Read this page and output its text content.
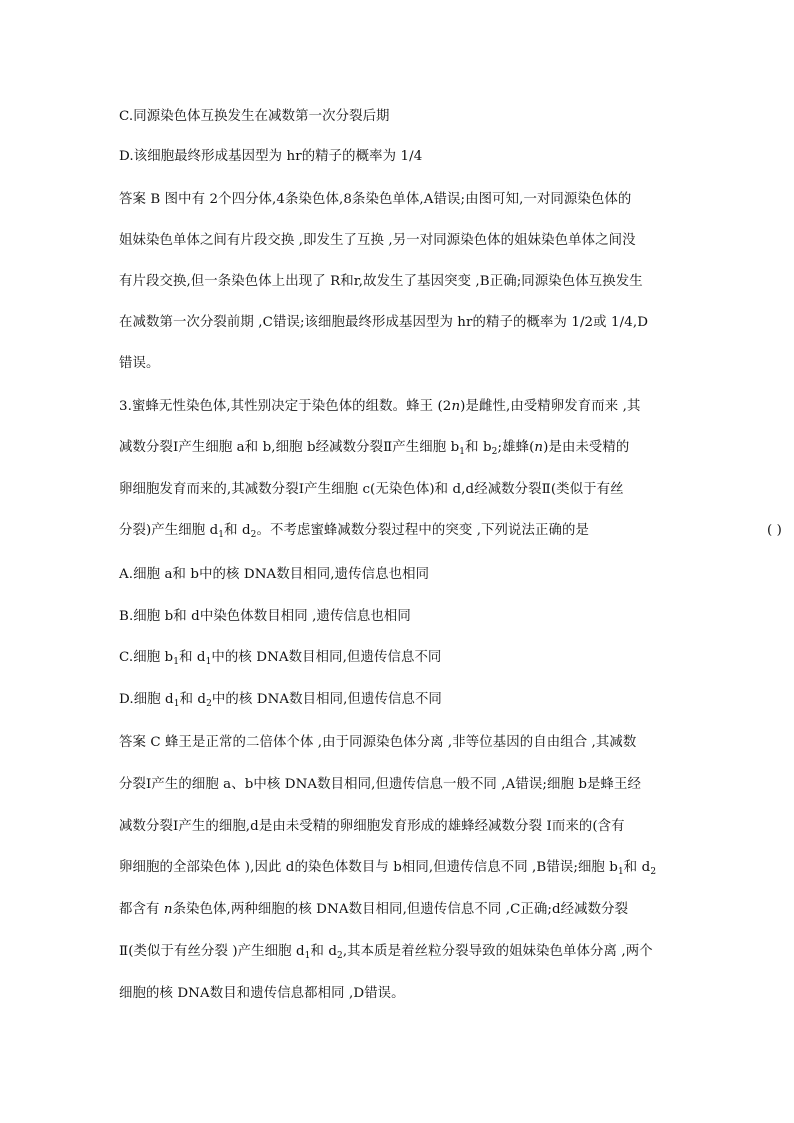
C.同源染色体互换发生在减数第一次分裂后期
D.该细胞最终形成基因型为 hr的精子的概率为 1/4
答案 B 图中有 2个四分体,4条染色体,8条染色单体,A错误;由图可知,一对同源染色体的
姐妹染色单体之间有片段交换 ,即发生了互换 ,另一对同源染色体的姐妹染色单体之间没
有片段交换,但一条染色体上出现了 R和r,故发生了基因突变 ,B正确;同源染色体互换发生
在减数第一次分裂前期 ,C错误;该细胞最终形成基因型为 hr的精子的概率为 1/2或 1/4,D
错误。
3.蜜蜂无性染色体,其性别决定于染色体的组数。蜂王 (2n)是雌性,由受精卵发育而来 ,其
减数分裂Ⅰ产生细胞 a和 b,细胞 b经减数分裂Ⅱ产生细胞 $b_1$和 $b_2$;雄蜂(n)是由未受精的
卵细胞发育而来的,其减数分裂Ⅰ产生细胞 c(无染色体)和 d,d经减数分裂Ⅱ(类似于有丝
分裂)产生细胞 $d_1$和 $d_2$。不考虑蜜蜂减数分裂过程中的突变 ,下列说法正确的是	( )
A.细胞 a和 b中的核 DNA数目相同,遗传信息也相同
B.细胞 b和 d中染色体数目相同 ,遗传信息也相同
C.细胞 $b_1$和 $d_1$中的核 DNA数目相同,但遗传信息不同
D.细胞 $d_1$和 $d_2$中的核 DNA数目相同,但遗传信息不同
答案 C 蜂王是正常的二倍体个体 ,由于同源染色体分离 ,非等位基因的自由组合 ,其减数
分裂Ⅰ产生的细胞 a、b中核 DNA数目相同,但遗传信息一般不同 ,A错误;细胞 b是蜂王经
减数分裂Ⅰ产生的细胞,d是由未受精的卵细胞发育形成的雄蜂经减数分裂 Ⅰ而来的(含有
卵细胞的全部染色体 ),因此 d的染色体数目与 b相同,但遗传信息不同 ,B错误;细胞 $b_1$和 $d_2$
都含有 n条染色体,两种细胞的核 DNA数目相同,但遗传信息不同 ,C正确;d经减数分裂
Ⅱ(类似于有丝分裂 )产生细胞 $d_1$和 $d_2$,其本质是着丝粒分裂导致的姐妹染色单体分离 ,两个
细胞的核 DNA数目和遗传信息都相同 ,D错误。
